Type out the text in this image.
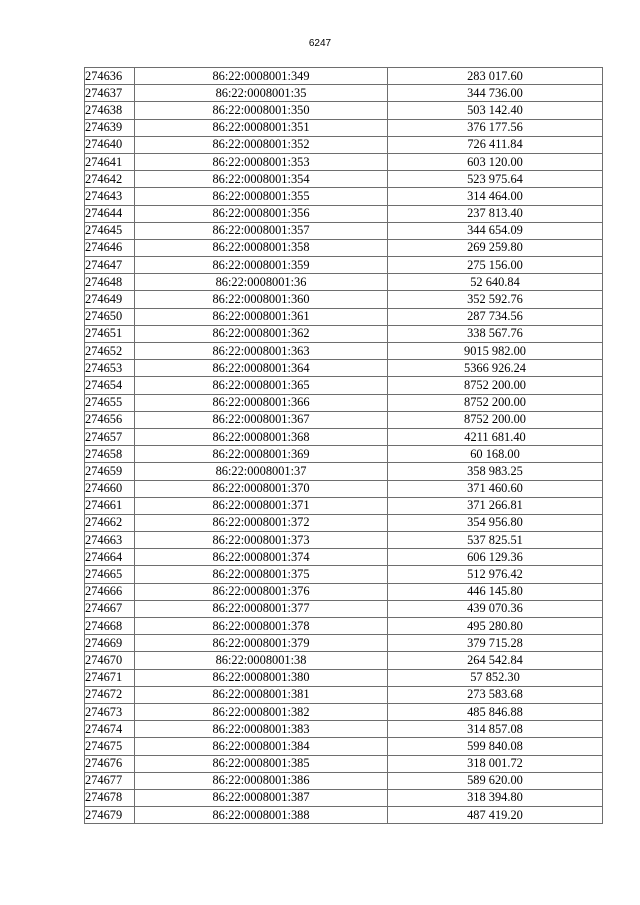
6247
274636	86:22:0008001:349	283 017.60
274637	86:22:0008001:35	344 736.00
274638	86:22:0008001:350	503 142.40
274639	86:22:0008001:351	376 177.56
274640	86:22:0008001:352	726 411.84
274641	86:22:0008001:353	603 120.00
274642	86:22:0008001:354	523 975.64
274643	86:22:0008001:355	314 464.00
274644	86:22:0008001:356	237 813.40
274645	86:22:0008001:357	344 654.09
274646	86:22:0008001:358	269 259.80
274647	86:22:0008001:359	275 156.00
274648	86:22:0008001:36	52 640.84
274649	86:22:0008001:360	352 592.76
274650	86:22:0008001:361	287 734.56
274651	86:22:0008001:362	338 567.76
274652	86:22:0008001:363	9015 982.00
274653	86:22:0008001:364	5366 926.24
274654	86:22:0008001:365	8752 200.00
274655	86:22:0008001:366	8752 200.00
274656	86:22:0008001:367	8752 200.00
274657	86:22:0008001:368	4211 681.40
274658	86:22:0008001:369	60 168.00
274659	86:22:0008001:37	358 983.25
274660	86:22:0008001:370	371 460.60
274661	86:22:0008001:371	371 266.81
274662	86:22:0008001:372	354 956.80
274663	86:22:0008001:373	537 825.51
274664	86:22:0008001:374	606 129.36
274665	86:22:0008001:375	512 976.42
274666	86:22:0008001:376	446 145.80
274667	86:22:0008001:377	439 070.36
274668	86:22:0008001:378	495 280.80
274669	86:22:0008001:379	379 715.28
274670	86:22:0008001:38	264 542.84
274671	86:22:0008001:380	57 852.30
274672	86:22:0008001:381	273 583.68
274673	86:22:0008001:382	485 846.88
274674	86:22:0008001:383	314 857.08
274675	86:22:0008001:384	599 840.08
274676	86:22:0008001:385	318 001.72
274677	86:22:0008001:386	589 620.00
274678	86:22:0008001:387	318 394.80
274679	86:22:0008001:388	487 419.20
